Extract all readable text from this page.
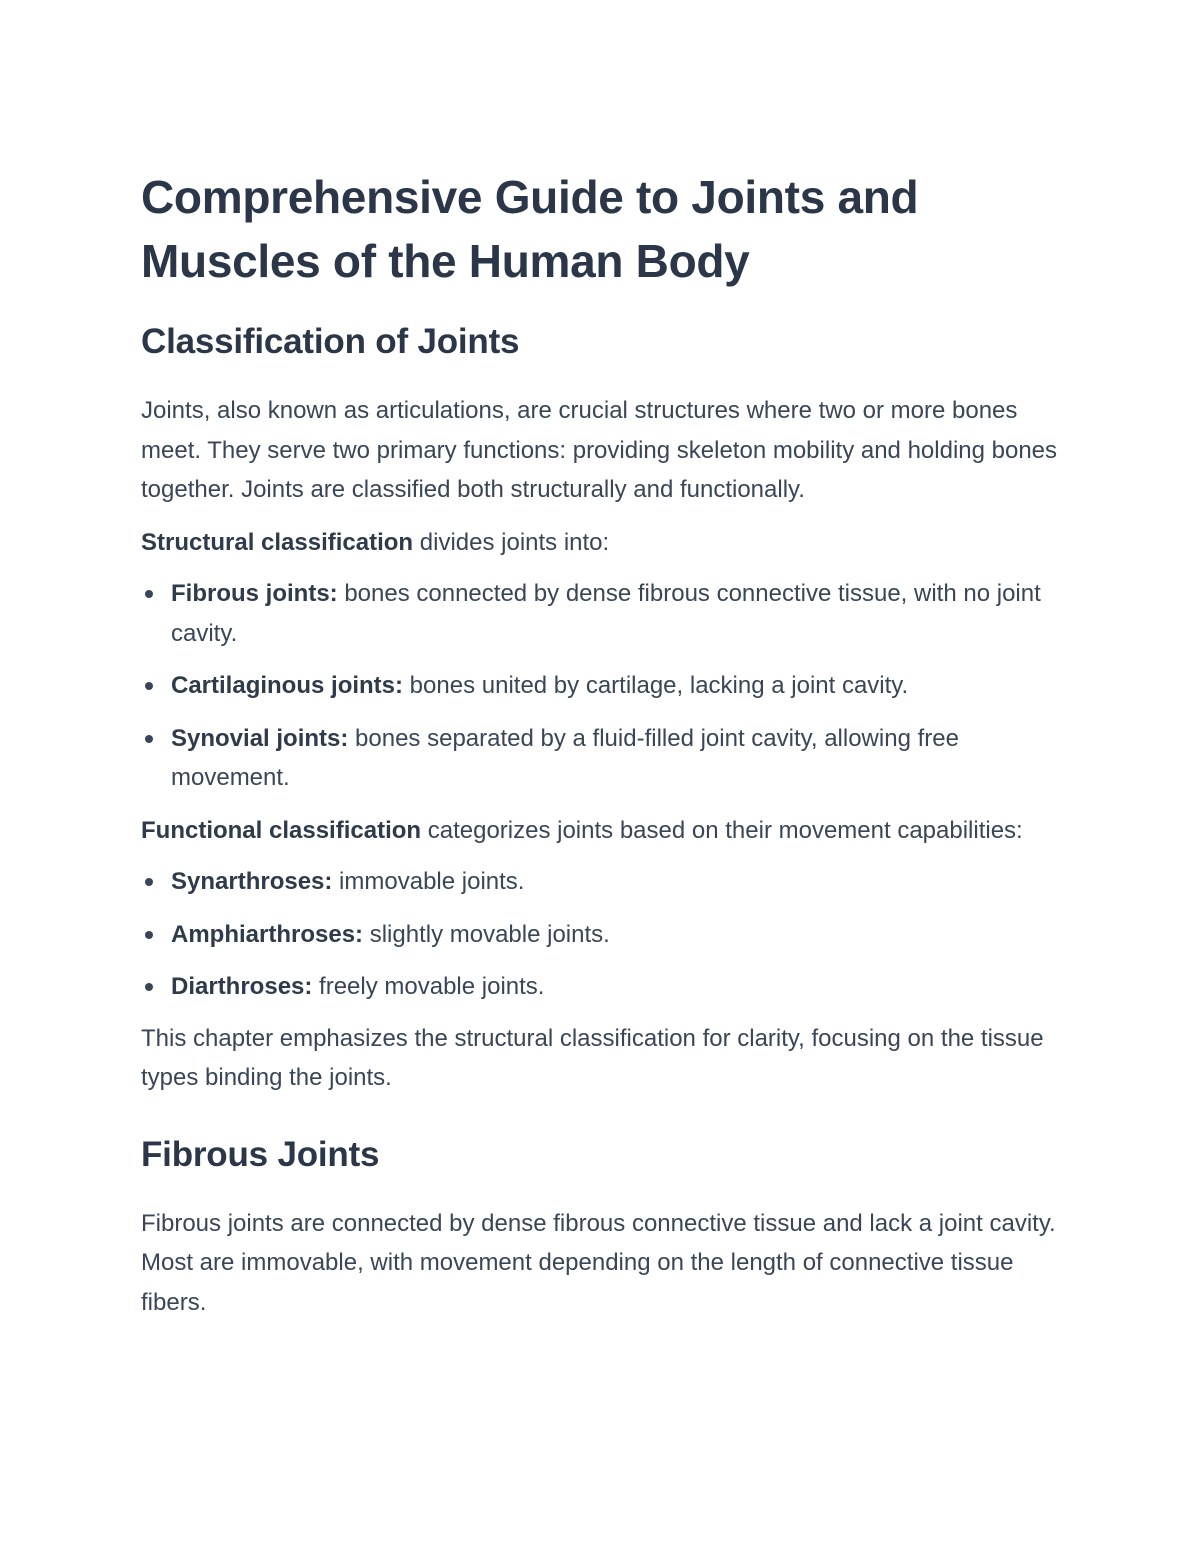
Comprehensive Guide to Joints and Muscles of the Human Body
Classification of Joints

Joints, also known as articulations, are crucial structures where two or more bones meet. They serve two primary functions: providing skeleton mobility and holding bones together. Joints are classified both structurally and functionally.

Structural classification divides joints into:

Fibrous joints: bones connected by dense fibrous connective tissue, with no joint cavity.
Cartilaginous joints: bones united by cartilage, lacking a joint cavity.
Synovial joints: bones separated by a fluid-filled joint cavity, allowing free movement.

Functional classification categorizes joints based on their movement capabilities:

Synarthroses: immovable joints.
Amphiarthroses: slightly movable joints.
Diarthroses: freely movable joints.

This chapter emphasizes the structural classification for clarity, focusing on the tissue types binding the joints.

Fibrous Joints

Fibrous joints are connected by dense fibrous connective tissue and lack a joint cavity. Most are immovable, with movement depending on the length of connective tissue fibers.
